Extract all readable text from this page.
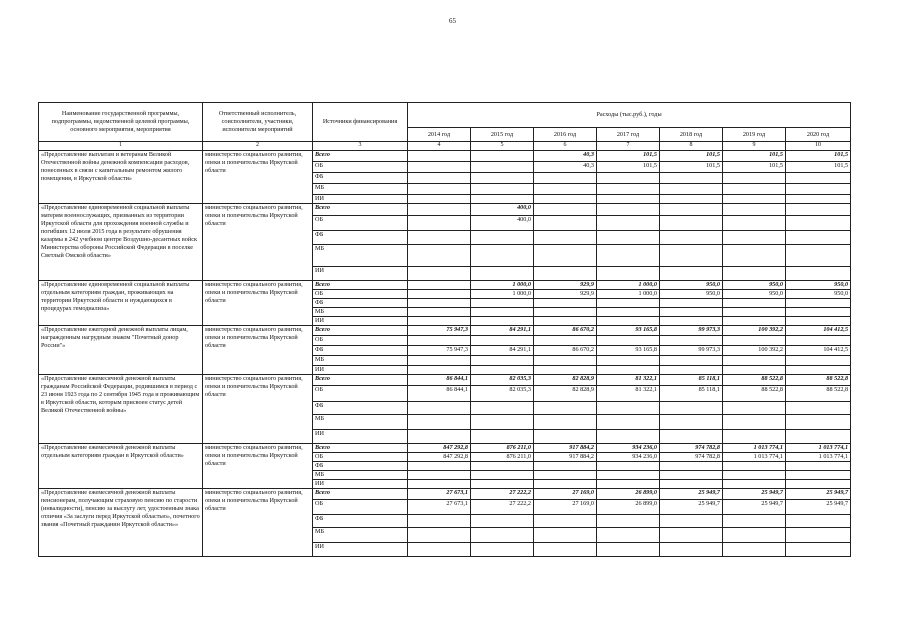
65
Наименование государственной программы, подпрограммы, ведомственной целевой программы, основного мероприятия, мероприятия	Ответственный исполнитель, соисполнители, участники, исполнители мероприятий	Источники финансирования	Расходы (тыс.руб.), годы						
			2014 год	2015 год	2016 год	2017 год	2018 год	2019 год	2020 год
1	2	3	4	5	6	7	8	9	10
«Предоставление выплатам и ветеранам Великой Отечественной войны денежной компенсации расходов, понесенных в связи с капитальным ремонтом жилого помещения, в Иркутской области»	министерство социального развития, опеки и попечительства Иркутской области	Всего			40,3	101,5	101,5	101,5	101,5
		ОБ			40,3	101,5	101,5	101,5	101,5
		ФБ							
		МБ							
		ИИ							
«Предоставление единовременной социальной выплаты матерям военнослужащих, призванных из территории Иркутской области для прохождения военной службы и погибших 12 июля 2015 года в результате обрушения казармы в 242 учебном центре Воздушно-десантных войск Министерства обороны Российской Федерации в поселке Светлый Омской области»	министерство социального развития, опеки и попечительства Иркутской области	Всего		400,0					
		ОБ		400,0					
		ФБ							
		МБ							
		ИИ							
«Предоставление единовременной социальной выплаты отдельным категориям граждан, проживающих на территории Иркутской области и нуждающихся в процедурах гемодиализа»	министерство социального развития, опеки и попечительства Иркутской области	Всего		1 000,0	929,9	1 000,0	950,0	950,0	950,0
		ОБ		1 000,0	929,9	1 000,0	950,0	950,0	950,0
		ФБ							
		МБ							
		ИИ							
«Предоставление ежегодной денежной выплаты лицам, награжденным нагрудным знаком "Почетный донор России"»	министерство социального развития, опеки и попечительства Иркутской области	Всего	75 947,3	84 291,1	86 670,2	93 165,8	99 973,3	100 392,2	104 412,5
		ОБ							
		ФБ	75 947,3	84 291,1	86 670,2	93 165,8	99 973,3	100 392,2	104 412,5
		МБ							
		ИИ							
«Предоставление ежемесячной денежной выплаты гражданам Российской Федерации, родившимся в период с 23 июня 1923 года по 2 сентября 1945 года и проживающим в Иркутской области, которым присвоен статус детей Великой Отечественной войны»	министерство социального развития, опеки и попечительства Иркутской области	Всего	86 844,1	82 035,3	82 828,9	81 322,1	85 118,1	88 522,8	88 522,8
		ОБ	86 844,1	82 035,3	82 828,9	81 322,1	85 118,1	88 522,8	88 522,8
		ФБ							
		МБ							
		ИИ							
«Предоставление ежемесячной денежной выплаты отдельным категориям граждан в Иркутской области»	министерство социального развития, опеки и попечительства Иркутской области	Всего	847 292,8	876 211,0	917 884,2	934 236,0	974 782,8	1 013 774,1	1 013 774,1
		ОБ	847 292,8	876 211,0	917 884,2	934 236,0	974 782,8	1 013 774,1	1 013 774,1
		ФБ							
		МБ							
		ИИ							
«Предоставление ежемесячной денежной выплаты пенсионерам, получающим страховую пенсию по старости (инвалидности), пенсию за выслугу лет, удостоенным знака отличия «За заслуги перед Иркутской областью», почетного звания «Почетный гражданин Иркутской области»»	министерство социального развития, опеки и попечительства Иркутской области	Всего	27 673,1	27 222,2	27 169,0	26 899,0	25 949,7	25 949,7	25 949,7
		ОБ	27 673,1	27 222,2	27 169,0	26 899,0	25 949,7	25 949,7	25 949,7
		ФБ							
		МБ							
		ИИ							
